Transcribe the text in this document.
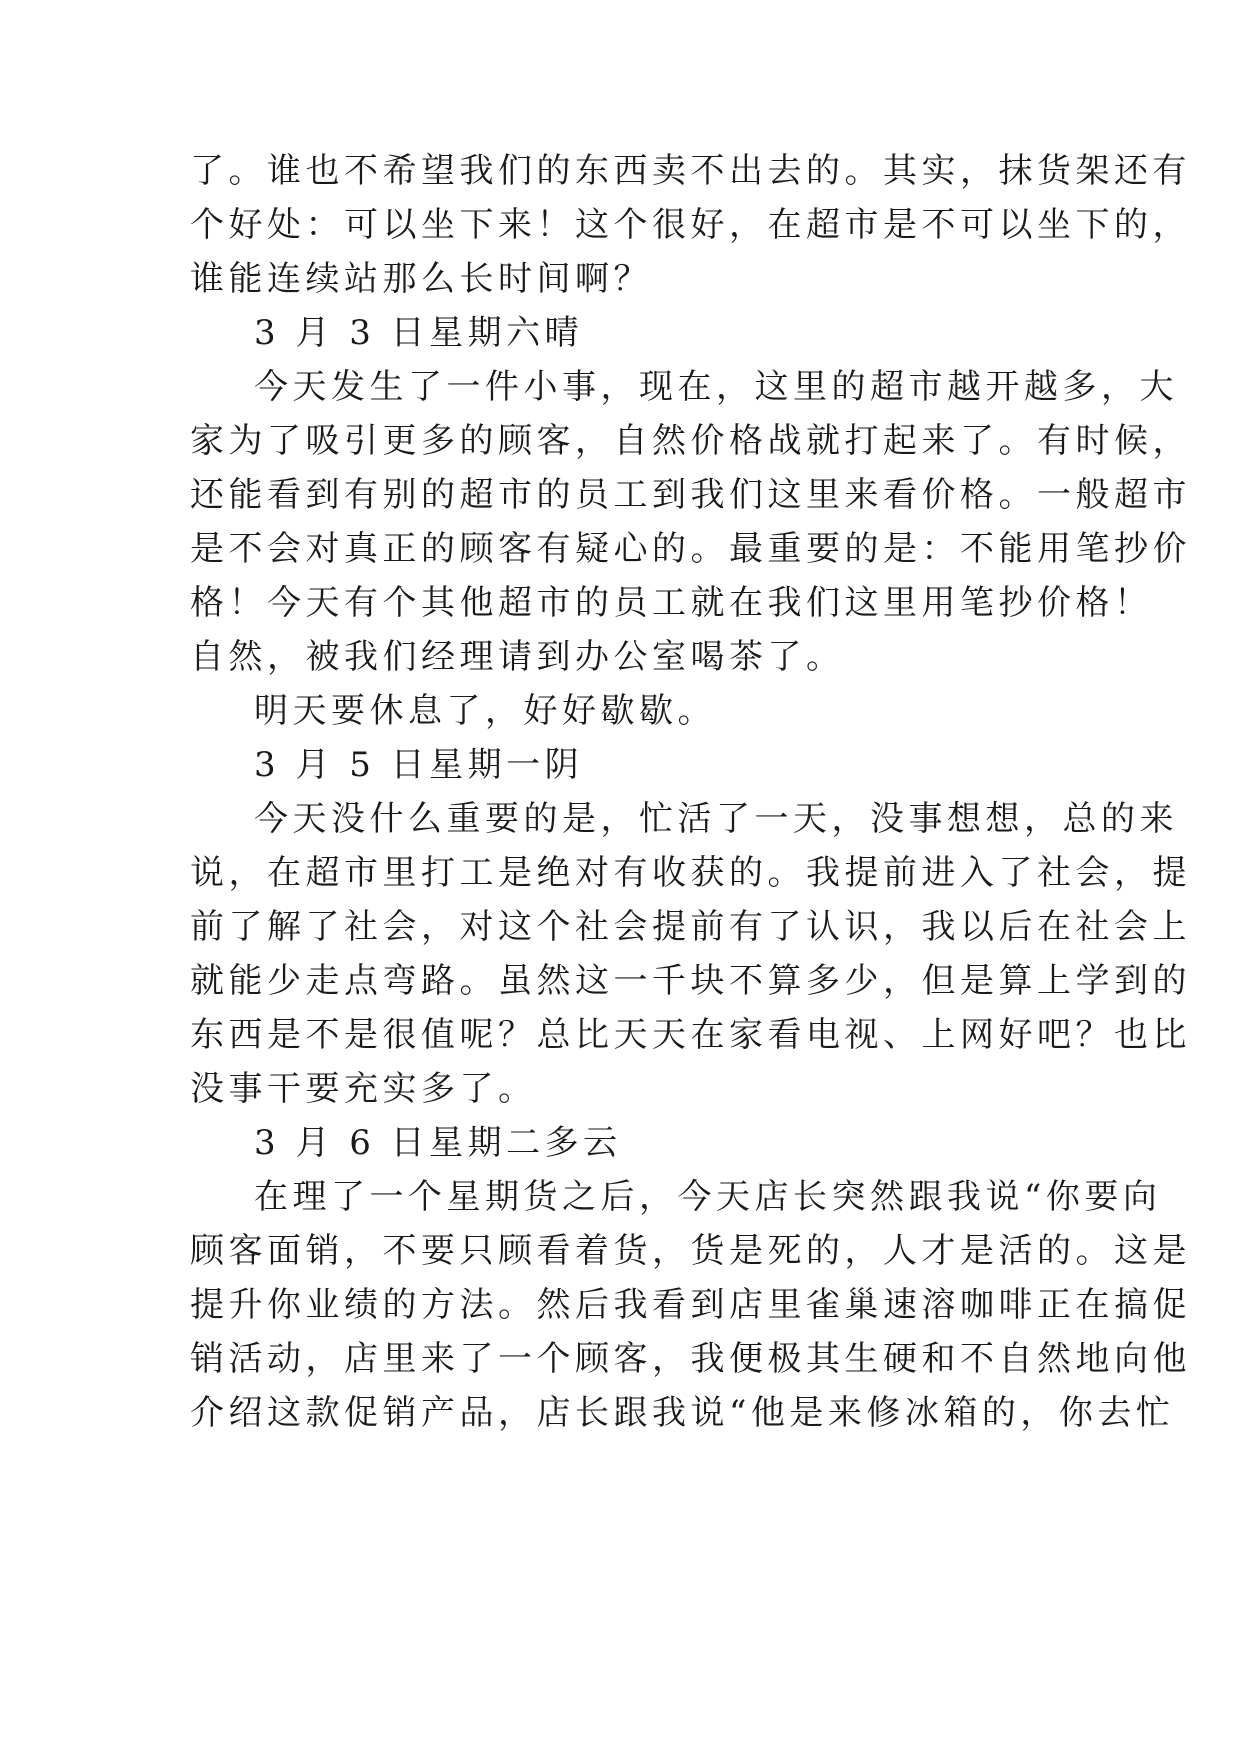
了。谁也不希望我们的东西卖不出去的。其实，抹货架还有
个好处：可以坐下来！这个很好，在超市是不可以坐下的，
谁能连续站那么长时间啊？
3 月 3 日星期六晴
今天发生了一件小事，现在，这里的超市越开越多，大
家为了吸引更多的顾客，自然价格战就打起来了。有时候，
还能看到有别的超市的员工到我们这里来看价格。一般超市
是不会对真正的顾客有疑心的。最重要的是：不能用笔抄价
格！今天有个其他超市的员工就在我们这里用笔抄价格！
自然，被我们经理请到办公室喝茶了。
明天要休息了，好好歇歇。
3 月 5 日星期一阴
今天没什么重要的是，忙活了一天，没事想想，总的来
说，在超市里打工是绝对有收获的。我提前进入了社会，提
前了解了社会，对这个社会提前有了认识，我以后在社会上
就能少走点弯路。虽然这一千块不算多少，但是算上学到的
东西是不是很值呢？总比天天在家看电视、上网好吧？也比
没事干要充实多了。
3 月 6 日星期二多云
在理了一个星期货之后，今天店长突然跟我说“你要向
顾客面销，不要只顾看着货，货是死的，人才是活的。这是
提升你业绩的方法。然后我看到店里雀巢速溶咖啡正在搞促
销活动，店里来了一个顾客，我便极其生硬和不自然地向他
介绍这款促销产品，店长跟我说“他是来修冰箱的，你去忙
